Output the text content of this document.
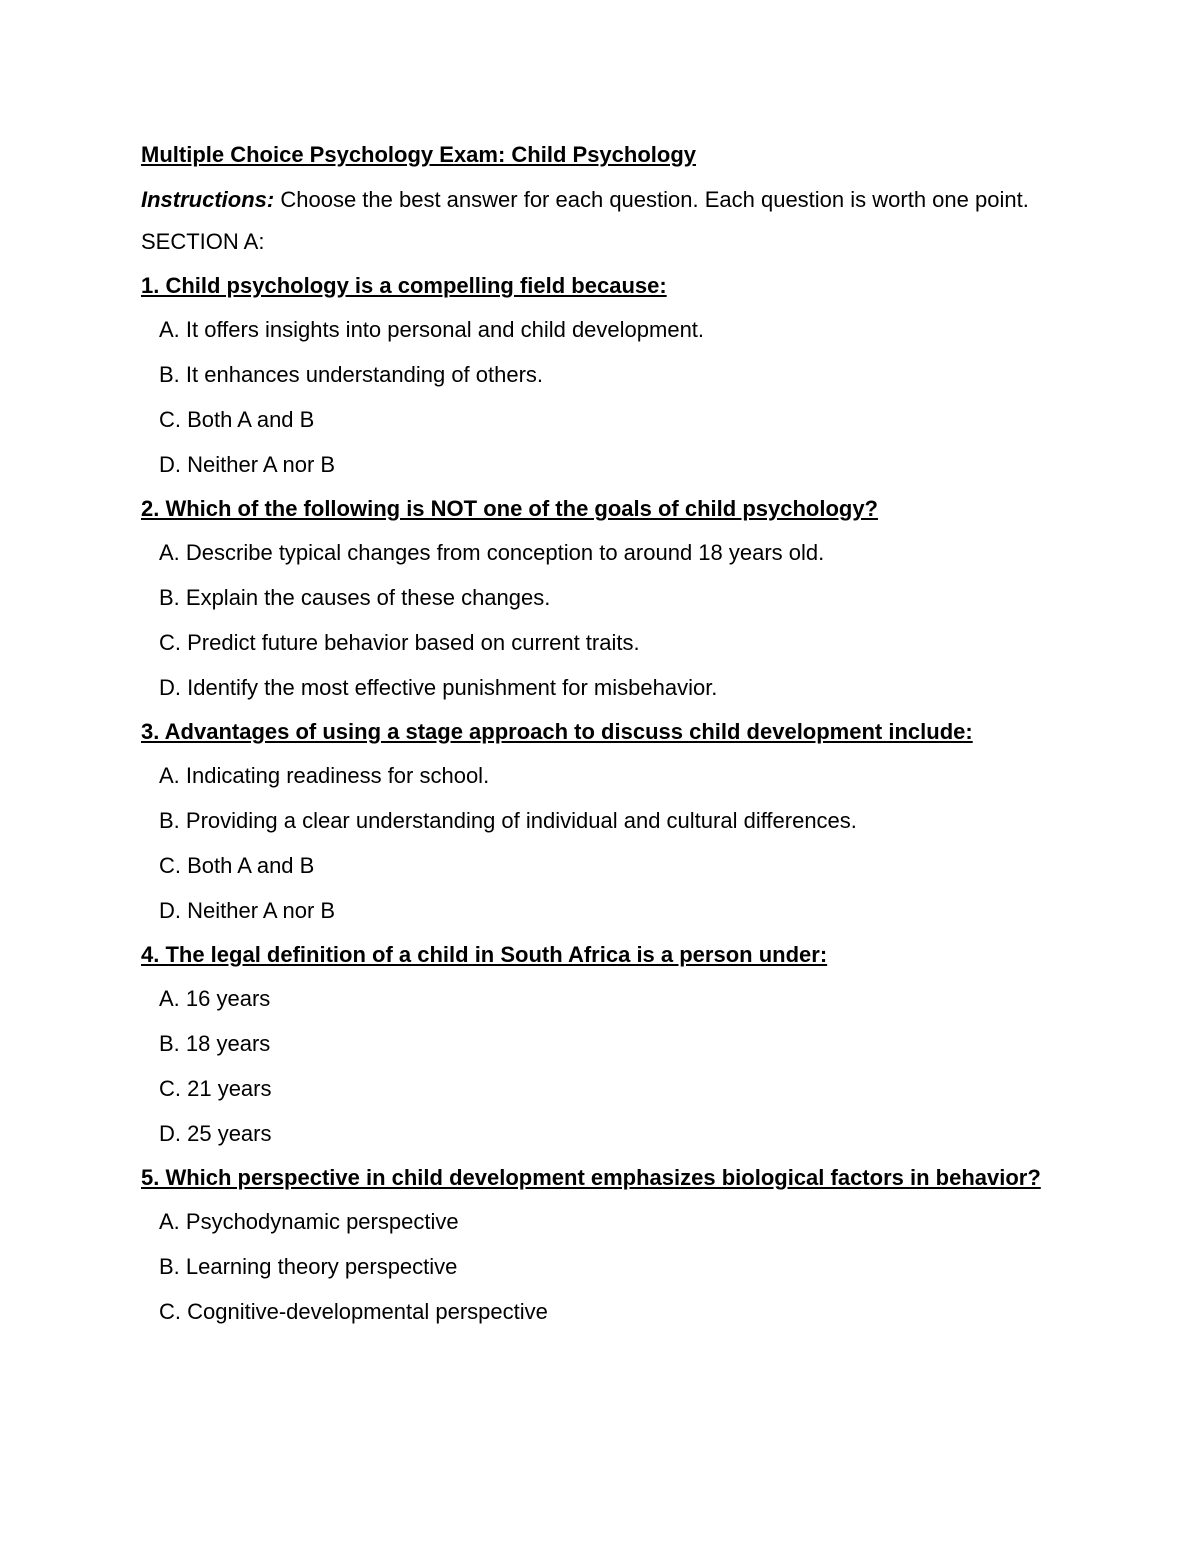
Multiple Choice Psychology Exam: Child Psychology
Instructions: Choose the best answer for each question. Each question is worth one point.
SECTION A:
1. Child psychology is a compelling field because:
A. It offers insights into personal and child development.
B. It enhances understanding of others.
C. Both A and B
D. Neither A nor B
2. Which of the following is NOT one of the goals of child psychology?
A. Describe typical changes from conception to around 18 years old.
B. Explain the causes of these changes.
C. Predict future behavior based on current traits.
D. Identify the most effective punishment for misbehavior.
3. Advantages of using a stage approach to discuss child development include:
A. Indicating readiness for school.
B. Providing a clear understanding of individual and cultural differences.
C. Both A and B
D. Neither A nor B
4. The legal definition of a child in South Africa is a person under:
A. 16 years
B. 18 years
C. 21 years
D. 25 years
5. Which perspective in child development emphasizes biological factors in behavior?
A. Psychodynamic perspective
B. Learning theory perspective
C. Cognitive-developmental perspective
